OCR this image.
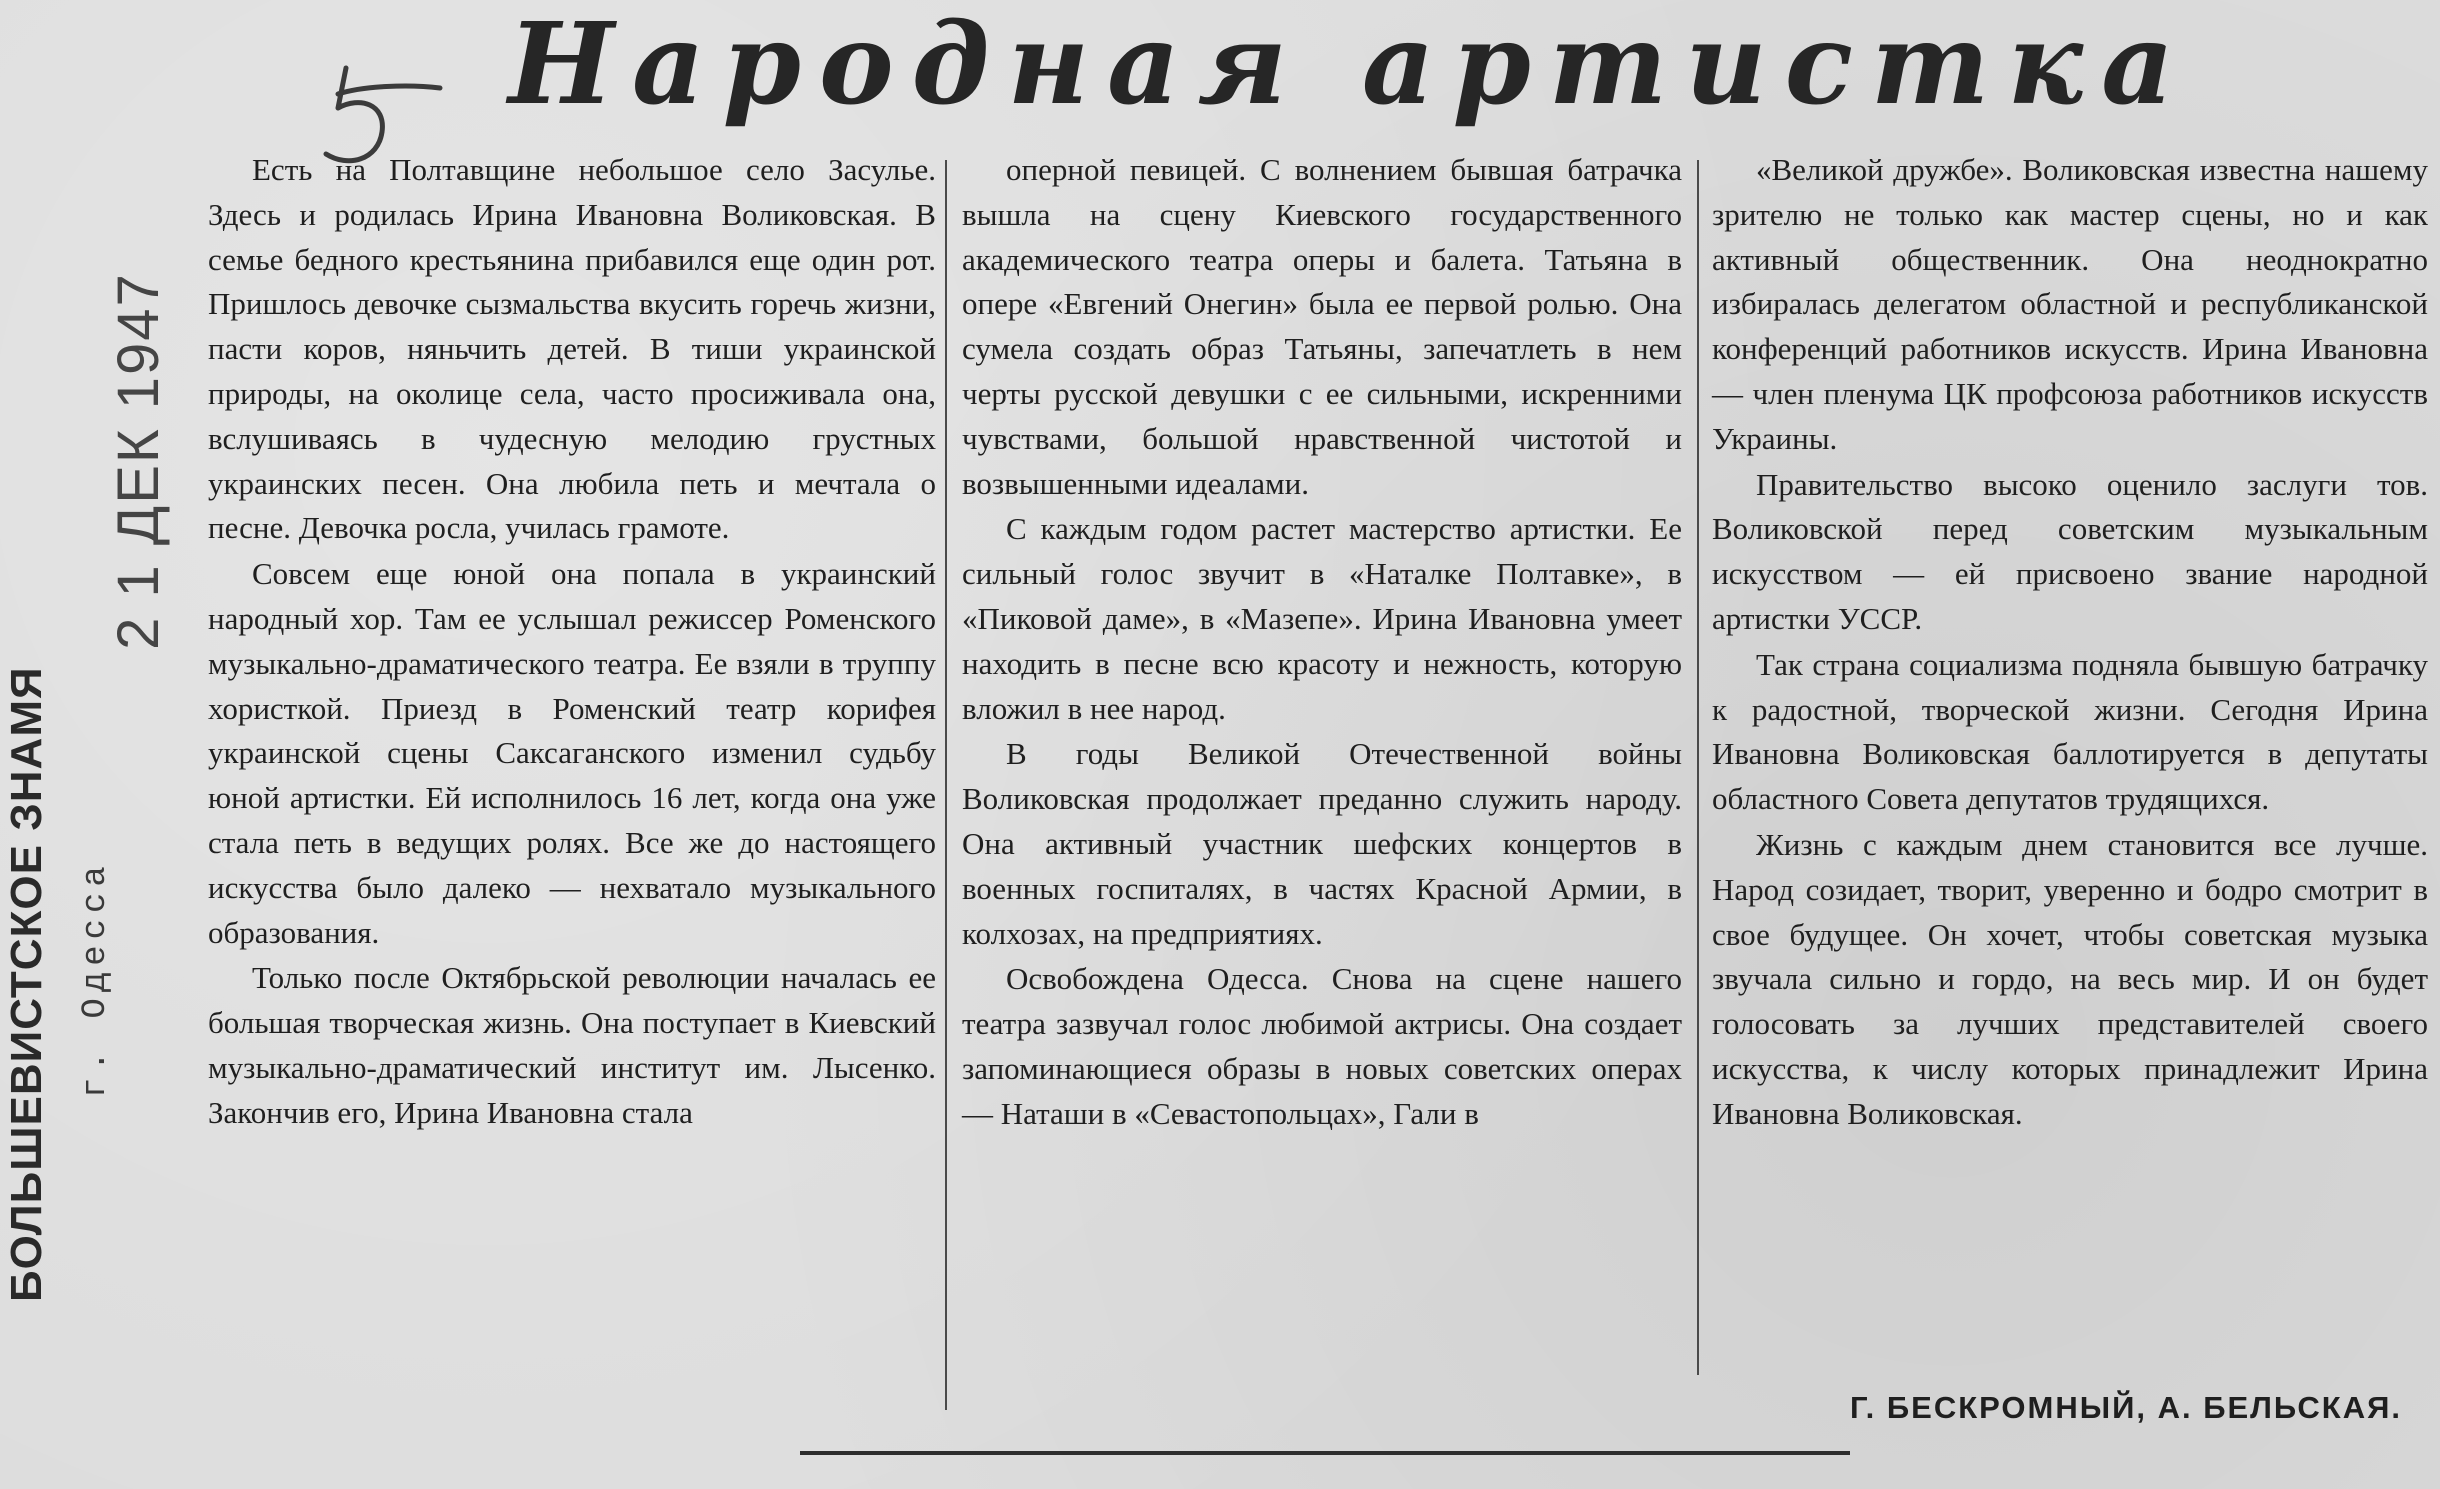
БОЛЬШЕВИСТСКОЕ ЗНАМЯ г. Одесса
2 1 ДЕК 1947
Народная артистка

Есть на Полтавщине небольшое село Засулье. Здесь и родилась Ирина Ивановна Воликовская. В семье бедного крестьянина прибавился еще один рот. Пришлось девочке сызмальства вкусить горечь жизни, пасти коров, няньчить детей. В тиши украинской природы, на околице села, часто просиживала она, вслушиваясь в чудесную мелодию грустных украинских песен. Она любила петь и мечтала о песне. Девочка росла, училась грамоте.

Совсем еще юной она попала в украинский народный хор. Там ее услышал режиссер Роменского музыкально-драматического театра. Ее взяли в труппу хористкой. Приезд в Роменский театр корифея украинской сцены Саксаганского изменил судьбу юной артистки. Ей исполнилось 16 лет, когда она уже стала петь в ведущих ролях. Все же до настоящего искусства было далеко — нехватало музыкального образования.

Только после Октябрьской революции началась ее большая творческая жизнь. Она поступает в Киевский музыкально-драматический институт им. Лысенко. Закончив его, Ирина Ивановна стала

оперной певицей. С волнением бывшая батрачка вышла на сцену Киевского государственного академического театра оперы и балета. Татьяна в опере «Евгений Онегин» была ее первой ролью. Она сумела создать образ Татьяны, запечатлеть в нем черты русской девушки с ее сильными, искренними чувствами, большой нравственной чистотой и возвышенными идеалами.

С каждым годом растет мастерство артистки. Ее сильный голос звучит в «Наталке Полтавке», в «Пиковой даме», в «Мазепе». Ирина Ивановна умеет находить в песне всю красоту и нежность, которую вложил в нее народ.

В годы Великой Отечественной войны Воликовская продолжает преданно служить народу. Она активный участник шефских концертов в военных госпиталях, в частях Красной Армии, в колхозах, на предприятиях.

Освобождена Одесса. Снова на сцене нашего театра зазвучал голос любимой актрисы. Она создает запоминающиеся образы в новых советских операх — Наташи в «Севастопольцах», Гали в

«Великой дружбе». Воликовская известна нашему зрителю не только как мастер сцены, но и как активный общественник. Она неоднократно избиралась делегатом областной и республиканской конференций работников искусств. Ирина Ивановна — член пленума ЦК профсоюза работников искусств Украины.

Правительство высоко оценило заслуги тов. Воликовской перед советским музыкальным искусством — ей присвоено звание народной артистки УССР.

Так страна социализма подняла бывшую батрачку к радостной, творческой жизни. Сегодня Ирина Ивановна Воликовская баллотируется в депутаты областного Совета депутатов трудящихся.

Жизнь с каждым днем становится все лучше. Народ созидает, творит, уверенно и бодро смотрит в свое будущее. Он хочет, чтобы советская музыка звучала сильно и гордо, на весь мир. И он будет голосовать за лучших представителей своего искусства, к числу которых принадлежит Ирина Ивановна Воликовская.

Г. БЕСКРОМНЫЙ, А. БЕЛЬСКАЯ.
